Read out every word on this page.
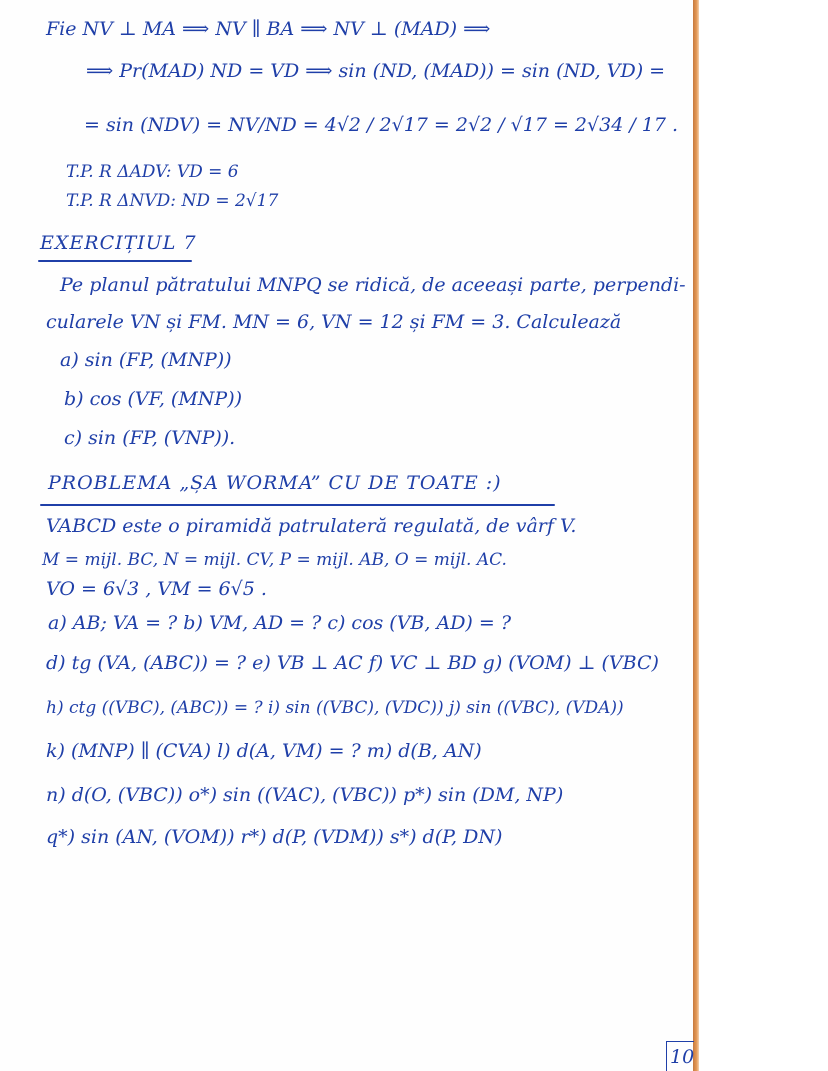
Fie NV ⊥ MA ⟹ NV ∥ BA ⟹ NV ⊥ (MAD) ⟹

⟹ Pr(MAD) ND = VD ⟹ sin (ND, (MAD)) = sin (ND, VD) =

= sin (NDV) = NV/ND = 4√2 / 2√17 = 2√2 / √17 = 2√34 / 17 .

T.P. R ΔADV: VD = 6

T.P. R ΔNVD: ND = 2√17

EXERCIȚIUL 7

Pe planul pătratului MNPQ se ridică, de aceeași parte, perpendi-

cularele VN și FM. MN = 6, VN = 12 și FM = 3. Calculează

a) sin (FP, (MNP))

b) cos (VF, (MNP))

c) sin (FP, (VNP)).

PROBLEMA „ȘA WORMA” CU DE TOATE :)

VABCD este o piramidă patrulateră regulată, de vârf V.

M = mijl. BC, N = mijl. CV, P = mijl. AB, O = mijl. AC.

VO = 6√3 , VM = 6√5 .

a) AB; VA = ? b) VM, AD = ? c) cos (VB, AD) = ?

d) tg (VA, (ABC)) = ? e) VB ⊥ AC f) VC ⊥ BD g) (VOM) ⊥ (VBC)

h) ctg ((VBC), (ABC)) = ? i) sin ((VBC), (VDC)) j) sin ((VBC), (VDA))

k) (MNP) ∥ (CVA) l) d(A, VM) = ? m) d(B, AN)

n) d(O, (VBC)) o*) sin ((VAC), (VBC)) p*) sin (DM, NP)

q*) sin (AN, (VOM)) r*) d(P, (VDM)) s*) d(P, DN)

10
